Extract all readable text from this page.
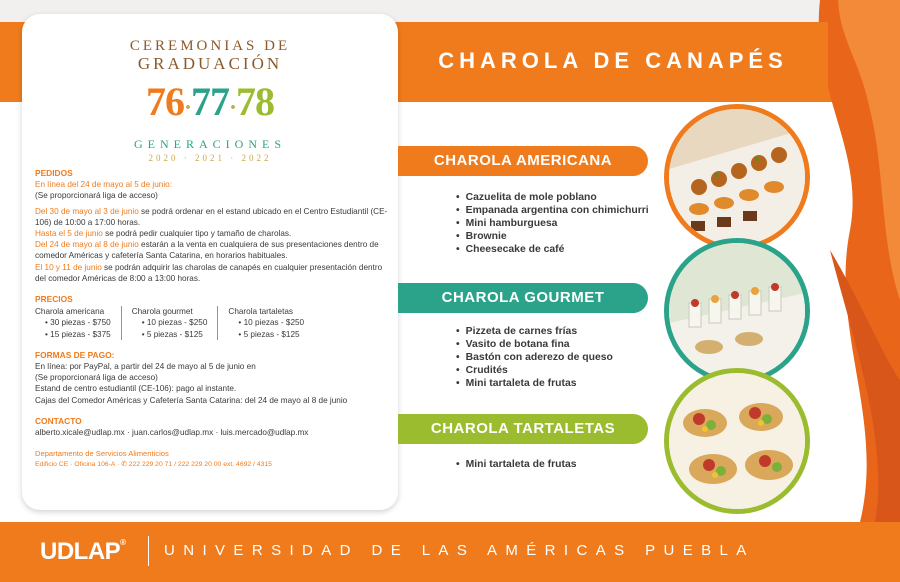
CHAROLA DE CANAPÉS
CEREMONIAS DE
GRADUACIÓN
76·77·78
GENERACIONES
2020 · 2021 · 2022

PEDIDOS

En línea del 24 de mayo al 5 de junio:

(Se proporcionará liga de acceso)

Del 30 de mayo al 3 de junio se podrá ordenar en el estand ubicado en el Centro Estudiantil (CE-106) de 10:00 a 17:00 horas.

Hasta el 5 de junio se podrá pedir cualquier tipo y tamaño de charolas.

Del 24 de mayo al 8 de junio estarán a la venta en cualquiera de sus presentaciones dentro de comedor Américas y cafetería Santa Catarina, en horarios habituales.

El 10 y 11 de junio se podrán adquirir las charolas de canapés en cualquier presentación dentro del comedor Américas de 8:00 a 13:00 horas.

PRECIOS

Charola americana

• 30 piezas - $750

• 15 piezas - $375

Charola gourmet

• 10 piezas - $250

• 5 piezas - $125

Charola tartaletas

• 10 piezas - $250

• 5 piezas - $125

FORMAS DE PAGO:

En línea: por PayPal, a partir del 24 de mayo al 5 de junio en

(Se proporcionará liga de acceso)

Estand de centro estudiantil (CE-106): pago al instante.

Cajas del Comedor Américas y Cafetería Santa Catarina: del 24 de mayo al 8 de junio

CONTACTO

alberto.xicale@udlap.mx · juan.carlos@udlap.mx · luis.mercado@udlap.mx

Departamento de Servicios Alimenticios

Edificio CE · Oficina 106-A · ✆ 222 229 20 71 / 222 229 20 00 ext. 4692 / 4315

CHAROLA AMERICANA
• Cazuelita de mole poblano
• Empanada argentina con chimichurri
• Mini hamburguesa
• Brownie
• Cheesecake de café
CHAROLA GOURMET
• Pizzeta de carnes frías
• Vasito de botana fina
• Bastón con aderezo de queso
• Crudités
• Mini tartaleta de frutas
CHAROLA TARTALETAS
• Mini tartaleta de frutas
UDLAP®	UNIVERSIDAD DE LAS AMÉRICAS PUEBLA
